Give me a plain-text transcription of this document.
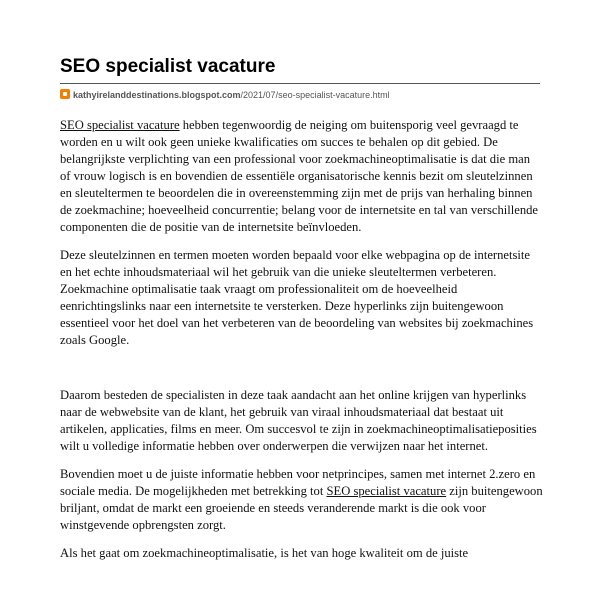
SEO specialist vacature
kathyirelanddestinations.blogspot.com/2021/07/seo-specialist-vacature.html

SEO specialist vacature hebben tegenwoordig de neiging om buitensporig veel gevraagd te worden en u wilt ook geen unieke kwalificaties om succes te behalen op dit gebied. De belangrijkste verplichting van een professional voor zoekmachineoptimalisatie is dat die man of vrouw logisch is en bovendien de essentiële organisatorische kennis bezit om sleutelzinnen en sleuteltermen te beoordelen die in overeenstemming zijn met de prijs van herhaling binnen de zoekmachine; hoeveelheid concurrentie; belang voor de internetsite en tal van verschillende componenten die de positie van de internetsite beïnvloeden.

Deze sleutelzinnen en termen moeten worden bepaald voor elke webpagina op de internetsite en het echte inhoudsmateriaal wil het gebruik van die unieke sleuteltermen verbeteren. Zoekmachine optimalisatie taak vraagt om professionaliteit om de hoeveelheid eenrichtingslinks naar een internetsite te versterken. Deze hyperlinks zijn buitengewoon essentieel voor het doel van het verbeteren van de beoordeling van websites bij zoekmachines zoals Google.

Daarom besteden de specialisten in deze taak aandacht aan het online krijgen van hyperlinks naar de webwebsite van de klant, het gebruik van viraal inhoudsmateriaal dat bestaat uit artikelen, applicaties, films en meer. Om succesvol te zijn in zoekmachineoptimalisatieposities wilt u volledige informatie hebben over onderwerpen die verwijzen naar het internet.

Bovendien moet u de juiste informatie hebben voor netprincipes, samen met internet 2.zero en sociale media. De mogelijkheden met betrekking tot SEO specialist vacature zijn buitengewoon briljant, omdat de markt een groeiende en steeds veranderende markt is die ook voor winstgevende opbrengsten zorgt.

Als het gaat om zoekmachineoptimalisatie, is het van hoge kwaliteit om de juiste
